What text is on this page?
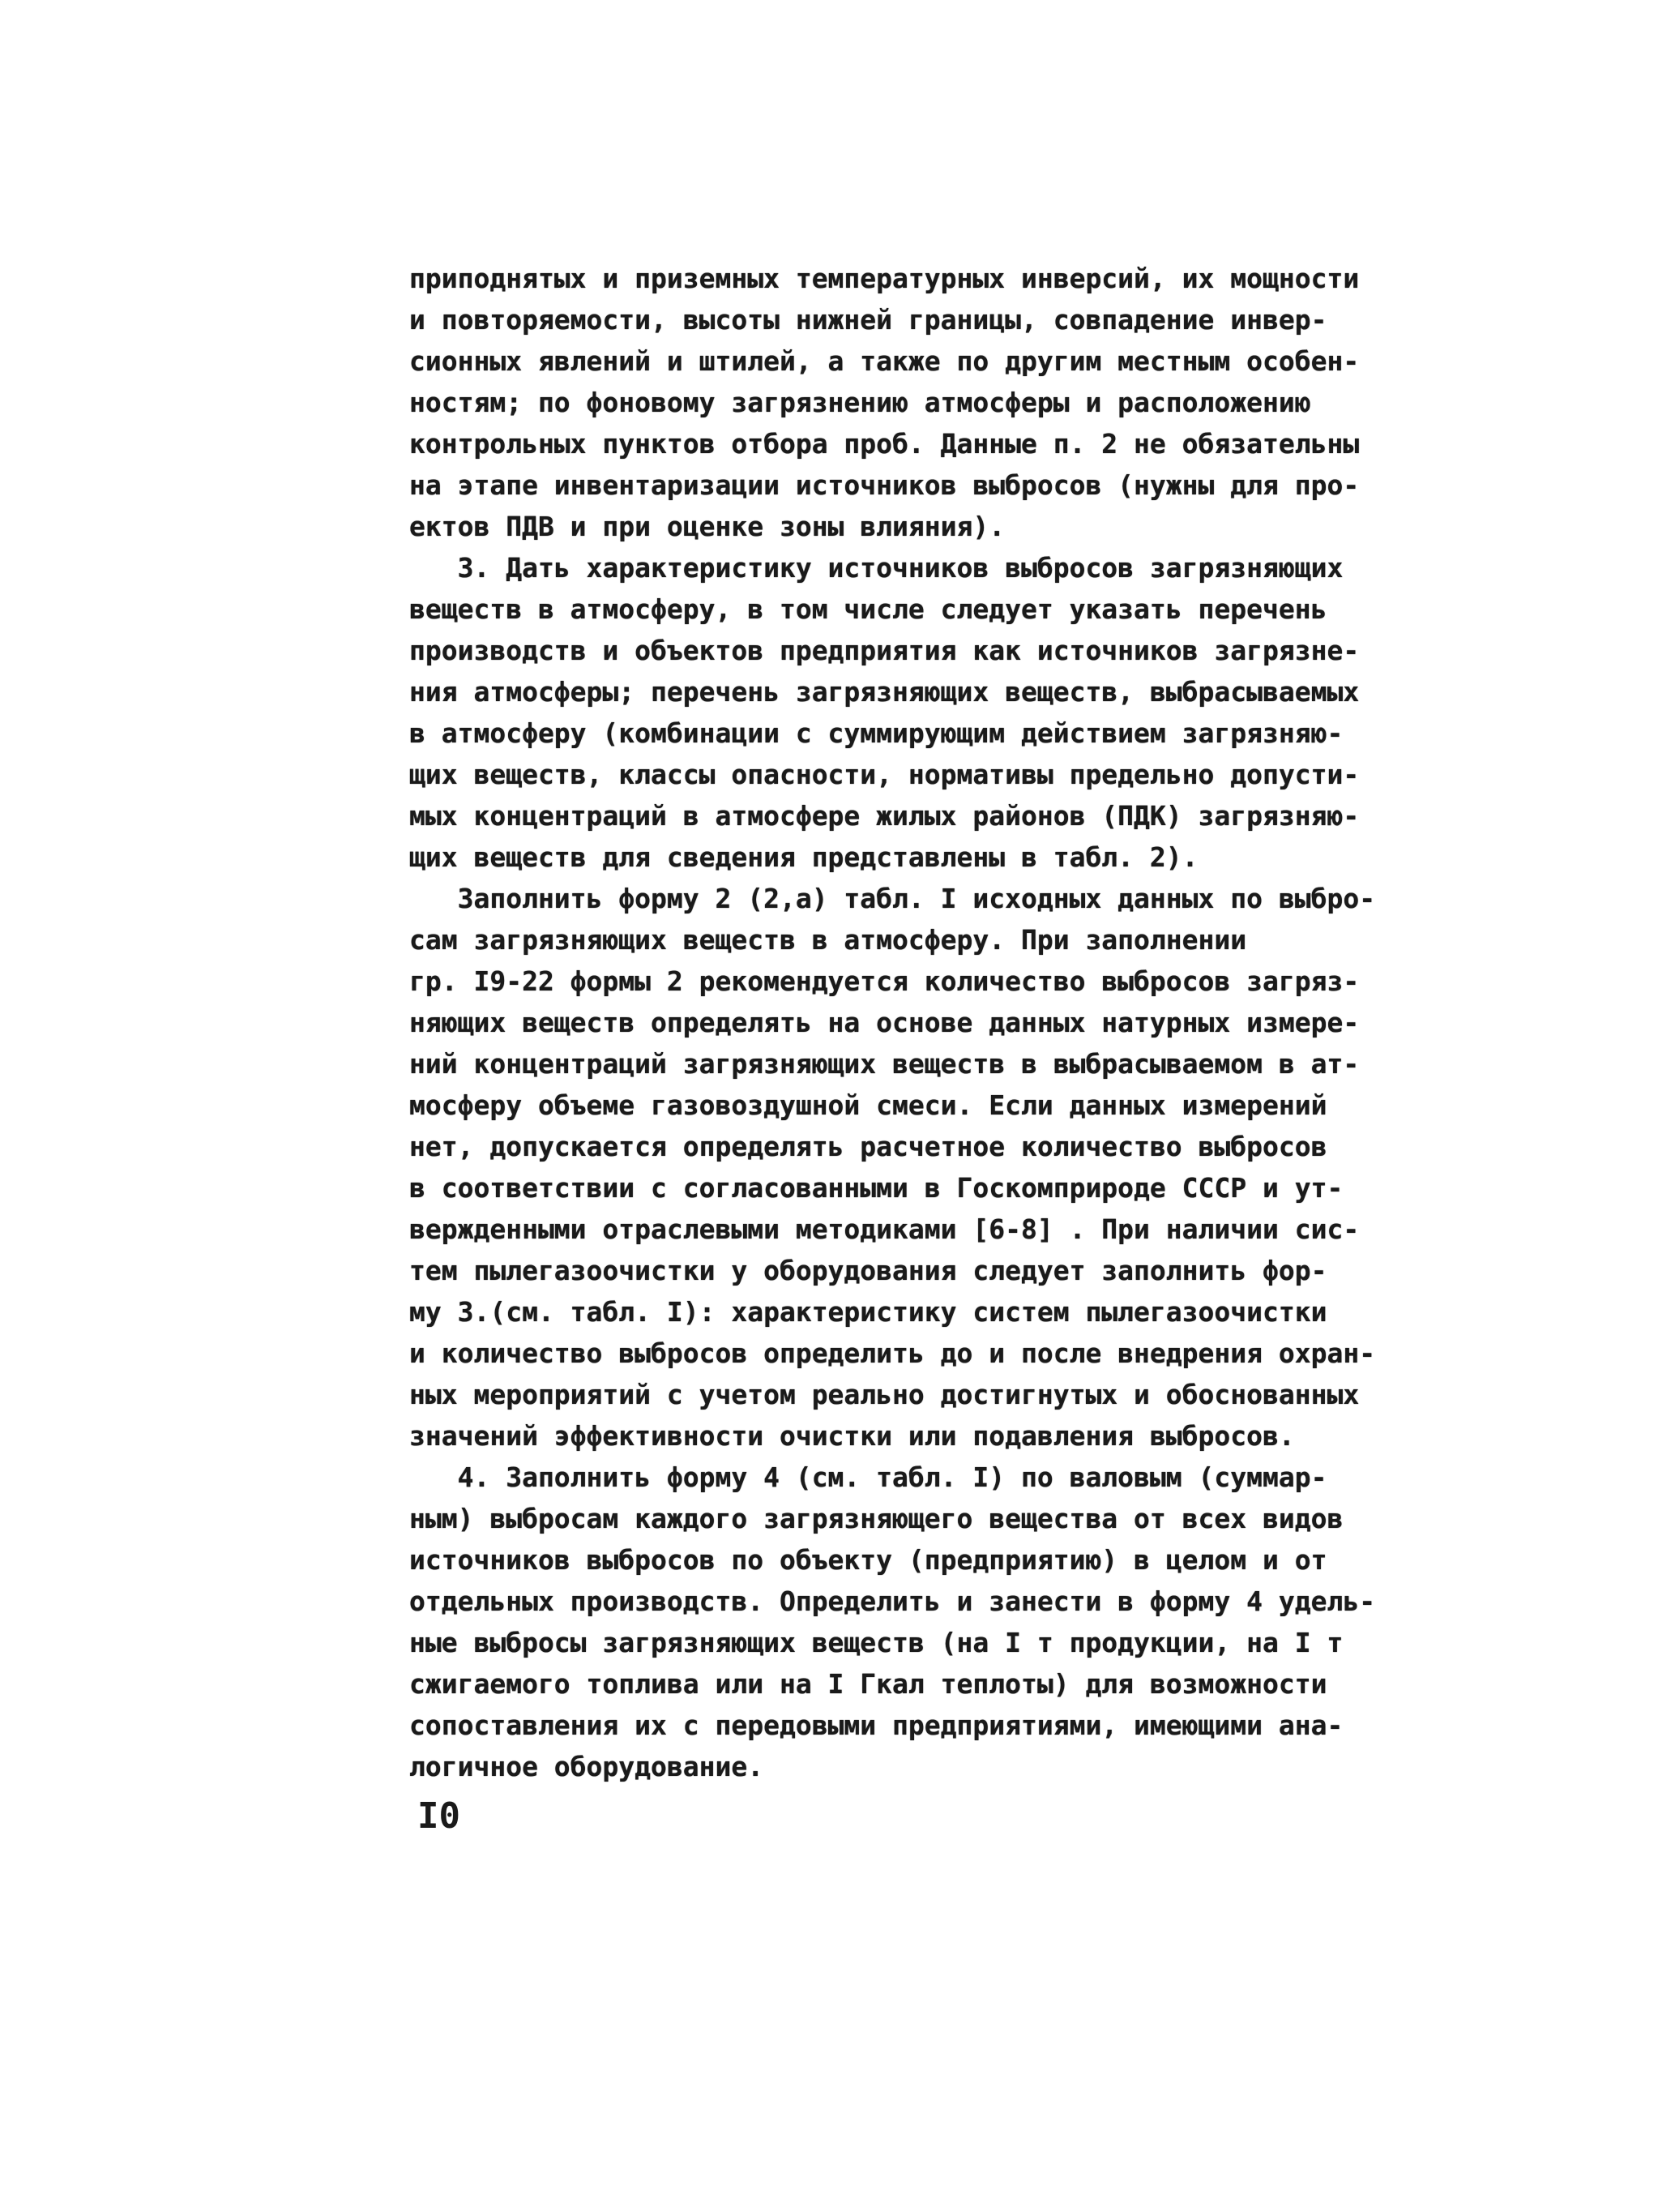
приподнятых и приземных температурных инверсий, их мощности
и повторяемости, высоты нижней границы, совпадение инвер-
сионных явлений и штилей, а также по другим местным особен-
ностям; по фоновому загрязнению атмосферы и расположению
контрольных пунктов отбора проб. Данные п. 2 не обязательны
на этапе инвентаризации источников выбросов (нужны для про-
ектов ПДВ и при оценке зоны влияния).
3. Дать характеристику источников выбросов загрязняющих
веществ в атмосферу, в том числе следует указать перечень
производств и объектов предприятия как источников загрязне-
ния атмосферы; перечень загрязняющих веществ, выбрасываемых
в атмосферу (комбинации с суммирующим действием загрязняю-
щих веществ, классы опасности, нормативы предельно допусти-
мых концентраций в атмосфере жилых районов (ПДК) загрязняю-
щих веществ для сведения представлены в табл. 2).
Заполнить форму 2 (2,а) табл. I исходных данных по выбро-
сам загрязняющих веществ в атмосферу. При заполнении
гр. I9-22 формы 2 рекомендуется количество выбросов загряз-
няющих веществ определять на основе данных натурных измере-
ний концентраций загрязняющих веществ в выбрасываемом в ат-
мосферу объеме газовоздушной смеси. Если данных измерений
нет, допускается определять расчетное количество выбросов
в соответствии с согласованными в Госкомприроде СССР и ут-
вержденными отраслевыми методиками [6-8] . При наличии сис-
тем пылегазоочистки у оборудования следует заполнить фор-
му 3.(см. табл. I): характеристику систем пылегазоочистки
и количество выбросов определить до и после внедрения охран-
ных мероприятий с учетом реально достигнутых и обоснованных
значений эффективности очистки или подавления выбросов.
4. Заполнить форму 4 (см. табл. I) по валовым (суммар-
ным) выбросам каждого загрязняющего вещества от всех видов
источников выбросов по объекту (предприятию) в целом и от
отдельных производств. Определить и занести в форму 4 удель-
ные выбросы загрязняющих веществ (на I т продукции, на I т
сжигаемого топлива или на I Гкал теплоты) для возможности
сопоставления их с передовыми предприятиями, имеющими ана-
логичное оборудование.
I0
